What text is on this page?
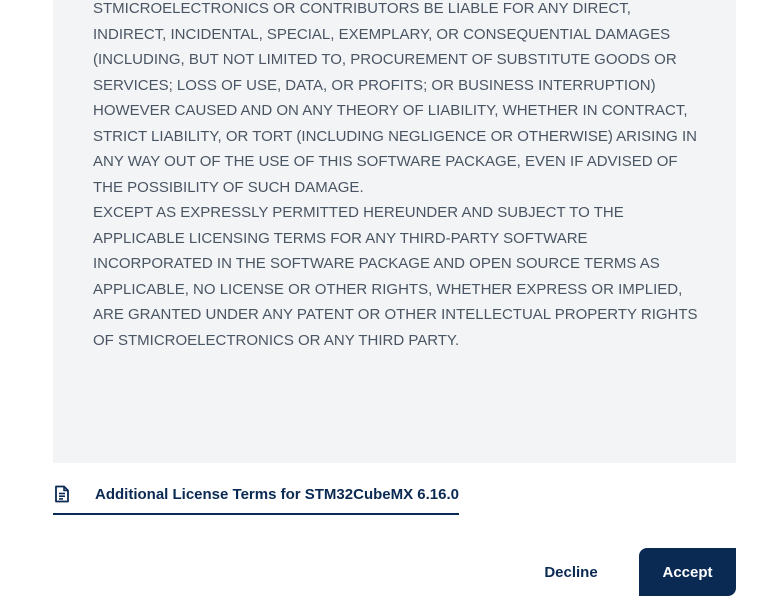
STMICROELECTRONICS OR CONTRIBUTORS BE LIABLE FOR ANY DIRECT, INDIRECT, INCIDENTAL, SPECIAL, EXEMPLARY, OR CONSEQUENTIAL DAMAGES (INCLUDING, BUT NOT LIMITED TO, PROCUREMENT OF SUBSTITUTE GOODS OR SERVICES; LOSS OF USE, DATA, OR PROFITS; OR BUSINESS INTERRUPTION) HOWEVER CAUSED AND ON ANY THEORY OF LIABILITY, WHETHER IN CONTRACT, STRICT LIABILITY, OR TORT (INCLUDING NEGLIGENCE OR OTHERWISE) ARISING IN ANY WAY OUT OF THE USE OF THIS SOFTWARE PACKAGE, EVEN IF ADVISED OF THE POSSIBILITY OF SUCH DAMAGE.

EXCEPT AS EXPRESSLY PERMITTED HEREUNDER AND SUBJECT TO THE APPLICABLE LICENSING TERMS FOR ANY THIRD-PARTY SOFTWARE INCORPORATED IN THE SOFTWARE PACKAGE AND OPEN SOURCE TERMS AS APPLICABLE, NO LICENSE OR OTHER RIGHTS, WHETHER EXPRESS OR IMPLIED, ARE GRANTED UNDER ANY PATENT OR OTHER INTELLECTUAL PROPERTY RIGHTS OF STMICROELECTRONICS OR ANY THIRD PARTY.

Additional License Terms for STM32CubeMX 6.16.0
Decline	Accept
